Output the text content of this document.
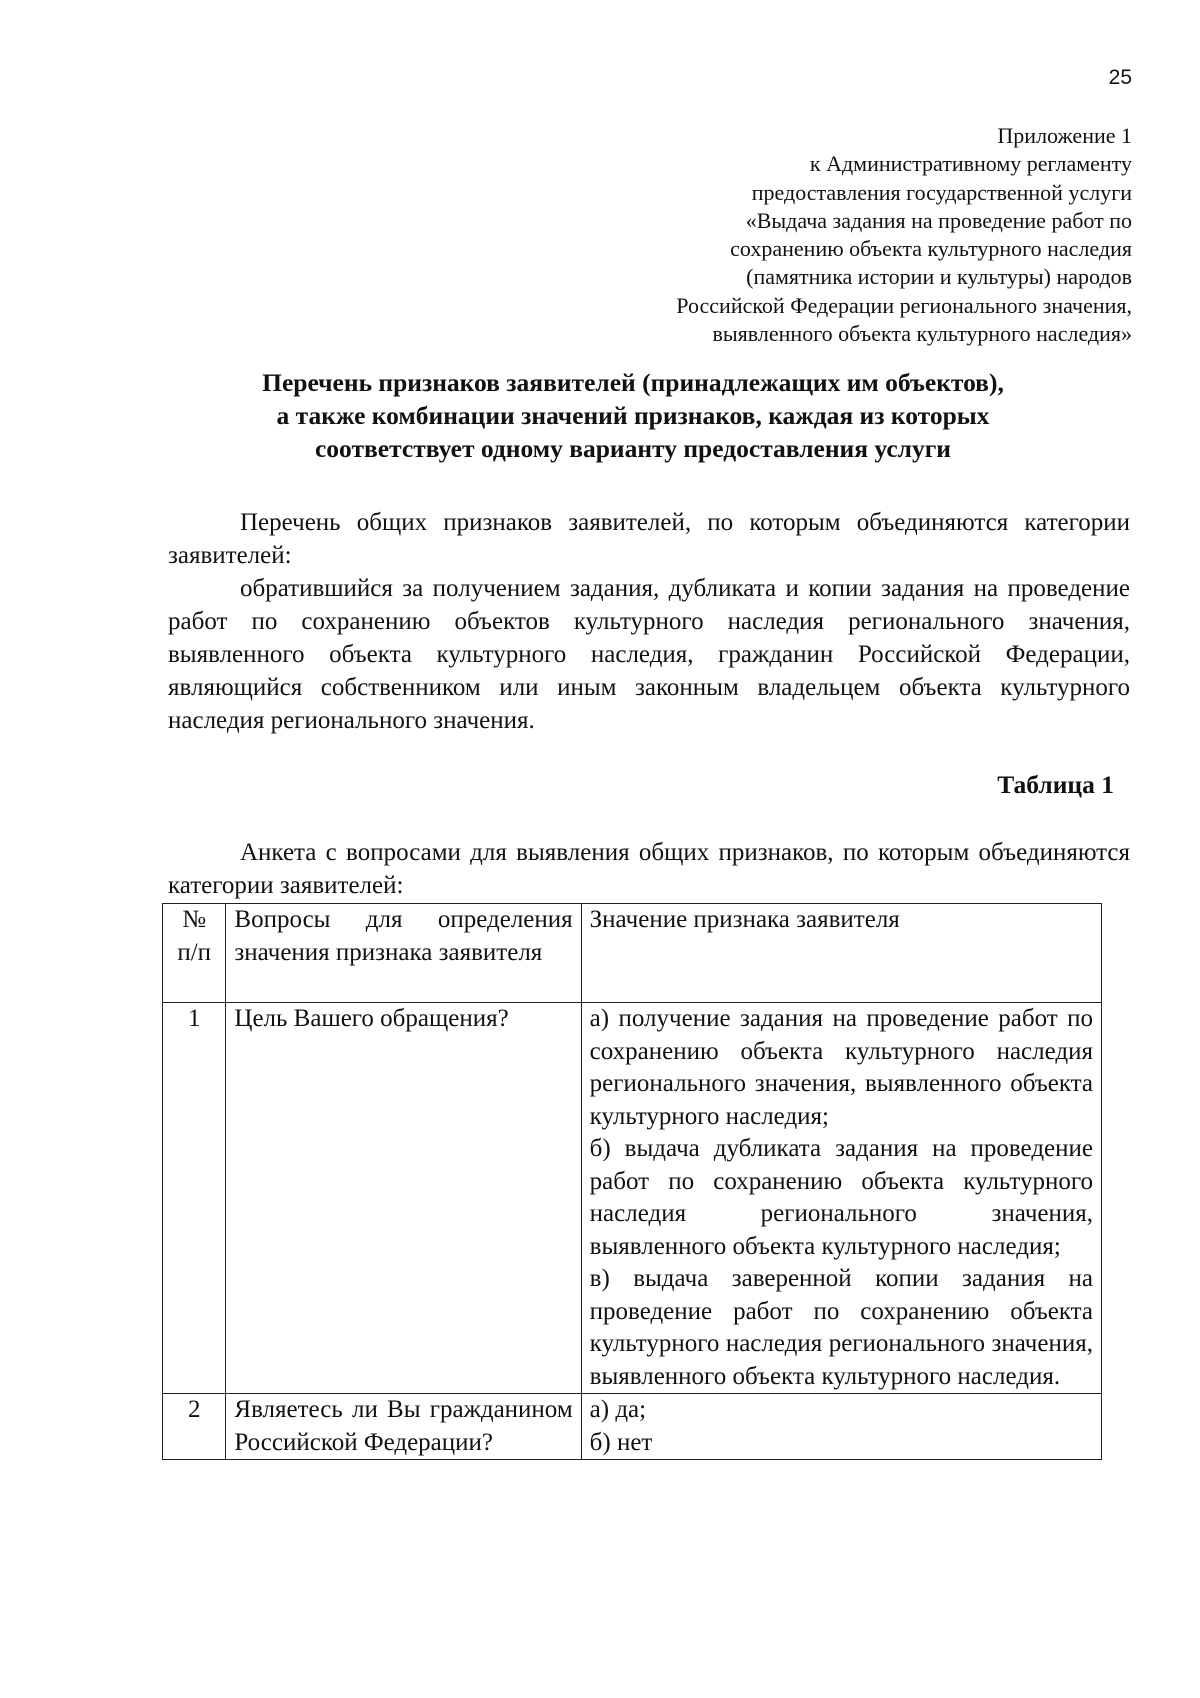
25
Приложение 1
к Административному регламенту
предоставления государственной услуги
«Выдача задания на проведение работ по
сохранению объекта культурного наследия
(памятника истории и культуры) народов
Российской Федерации регионального значения,
выявленного объекта культурного наследия»
Перечень признаков заявителей (принадлежащих им объектов),
а также комбинации значений признаков, каждая из которых
соответствует одному варианту предоставления услуги
Перечень общих признаков заявителей, по которым объединяются категории заявителей:
обратившийся за получением задания, дубликата и копии задания на проведение работ по сохранению объектов культурного наследия регионального значения, выявленного объекта культурного наследия, гражданин Российской Федерации, являющийся собственником или иным законным владельцем объекта культурного наследия регионального значения.
Таблица 1
Анкета с вопросами для выявления общих признаков, по которым объединяются категории заявителей:
№ п/п	Вопросы для определения значения признака заявителя	Значение признака заявителя
1	Цель Вашего обращения?	а) получение задания на проведение работ по сохранению объекта культурного наследия регионального значения, выявленного объекта культурного наследия;
б) выдача дубликата задания на проведение работ по сохранению объекта культурного наследия регионального значения, выявленного объекта культурного наследия;
в) выдача заверенной копии задания на проведение работ по сохранению объекта культурного наследия регионального значения, выявленного объекта культурного наследия.

2	Являетесь ли Вы гражданином Российской Федерации?	а) да;
б) нет
